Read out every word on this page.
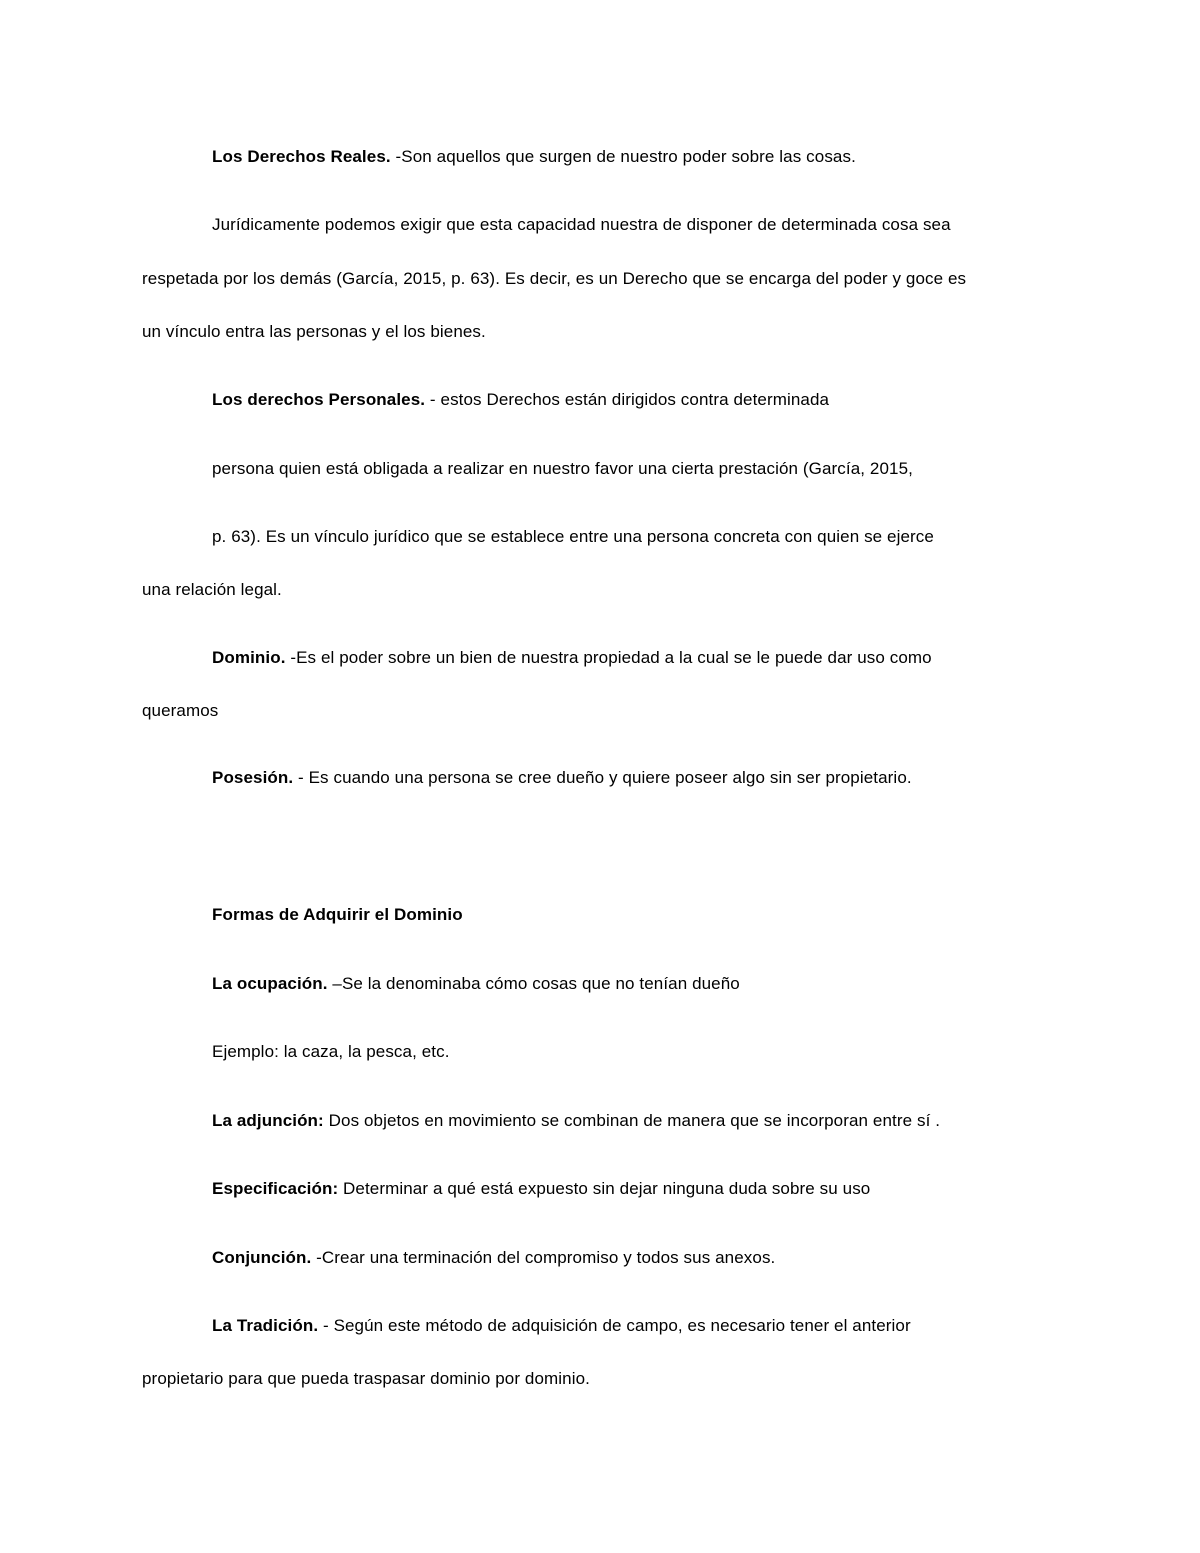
Los Derechos Reales. -Son aquellos que surgen de nuestro poder sobre las cosas.
Jurídicamente podemos exigir que esta capacidad nuestra de disponer de determinada cosa sea
respetada por los demás (García, 2015, p. 63). Es decir, es un Derecho que se encarga del poder y goce es
un vínculo entra las personas y el los bienes.
Los derechos Personales. - estos Derechos están dirigidos contra determinada
persona quien está obligada a realizar en nuestro favor una cierta prestación (García, 2015,
p. 63). Es un vínculo jurídico que se establece entre una persona concreta con quien se ejerce
una relación legal.
Dominio. -Es el poder sobre un bien de nuestra propiedad a la cual se le puede dar uso como
queramos
Posesión. - Es cuando una persona se cree dueño y quiere poseer algo sin ser propietario.
Formas de Adquirir el Dominio
La ocupación. –Se la denominaba cómo cosas que no tenían dueño
Ejemplo: la caza, la pesca, etc.
La adjunción: Dos objetos en movimiento se combinan de manera que se incorporan entre sí .
Especificación: Determinar a qué está expuesto sin dejar ninguna duda sobre su uso
Conjunción. -Crear una terminación del compromiso y todos sus anexos.
La Tradición. - Según este método de adquisición de campo, es necesario tener el anterior
propietario para que pueda traspasar dominio por dominio.
